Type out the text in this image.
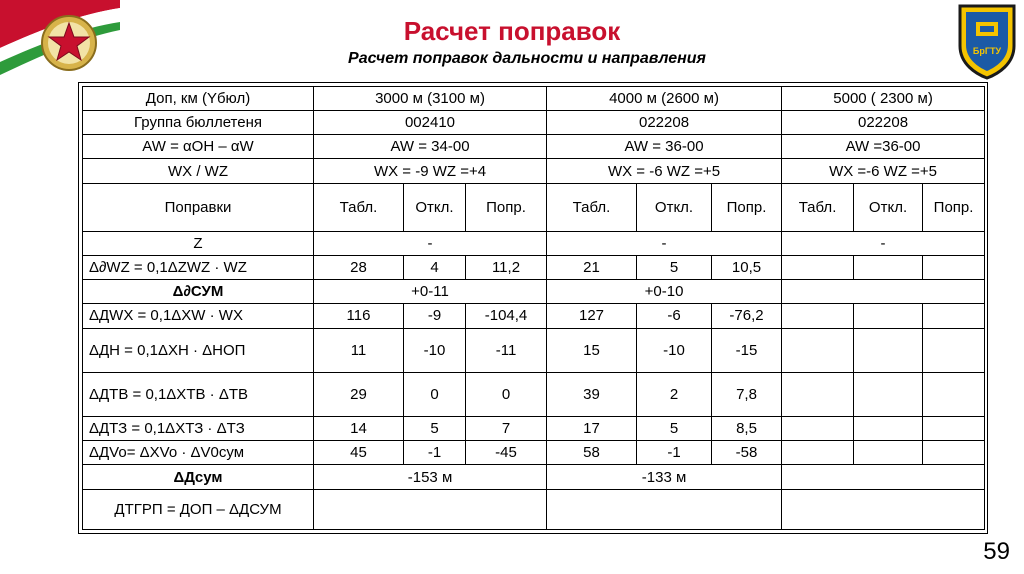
БрГТУ
Расчет поправок
Расчет поправок дальности и направления
Доп, км (Yбюл)	3000 м (3100 м)			4000 м (2600 м)			5000 ( 2300 м)		
Группа бюллетеня	002410			022208			022208		
AW = αОН – αW	AW = 34-00			AW = 36-00			AW =36-00		
WX / WZ	WX = -9 WZ =+4			WX = -6 WZ =+5			WX =-6 WZ =+5		
Поправки	Табл.	Откл.	Попр.	Табл.	Откл.	Попр.	Табл.	Откл.	Попр.
Z	-			-			-		
Δ∂WZ = 0,1ΔZWZ · WZ	28	4	11,2	21	5	10,5			
Δ∂СУМ	+0-11			+0-10					
ΔДWX = 0,1ΔXW · WX	116	-9	-104,4	127	-6	-76,2			
ΔДН = 0,1ΔXH · ΔHОП	11	-10	-11	15	-10	-15			
ΔДТВ = 0,1ΔXТВ · ΔTВ	29	0	0	39	2	7,8			
ΔДТЗ = 0,1ΔXТЗ · ΔTЗ	14	5	7	17	5	8,5			
ΔДVo= ΔXVo · ΔV0сум	45	-1	-45	58	-1	-58			
ΔДсум	-153 м			-133 м					
ДТГРП = ДОП – ΔДСУМ									
59
